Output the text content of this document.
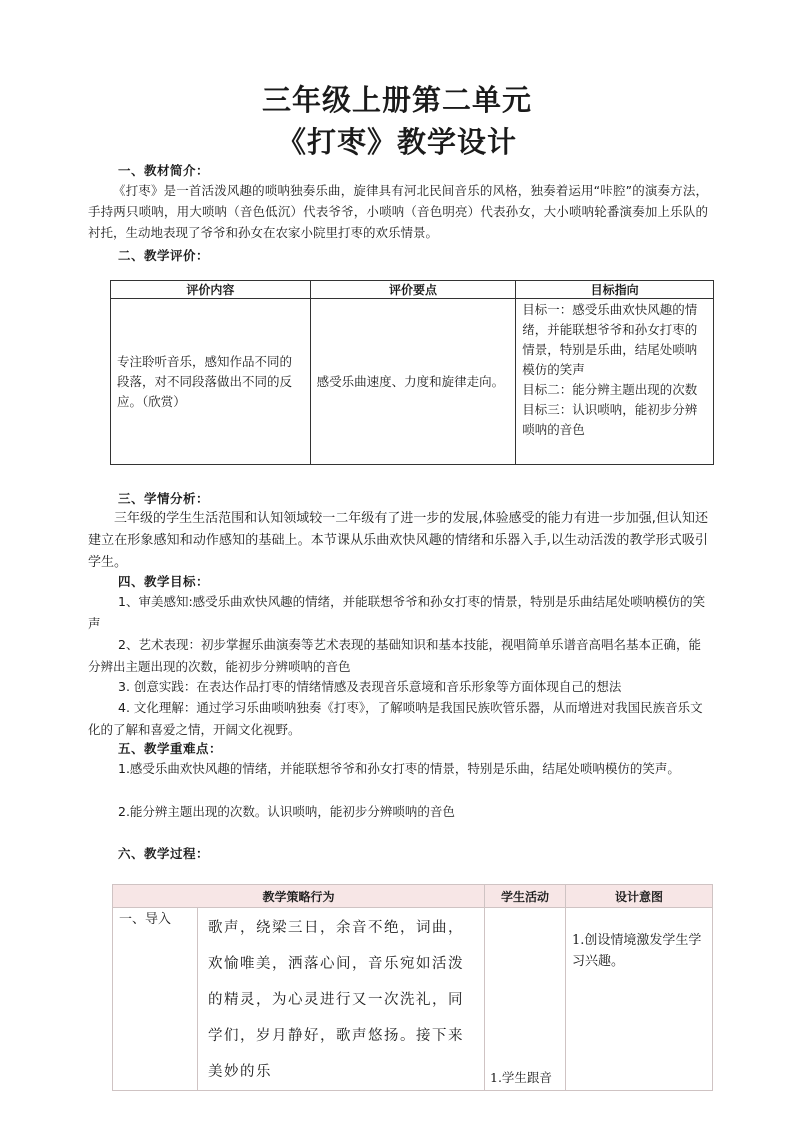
三年级上册第二单元
《打枣》教学设计
一、教材简介：
《打枣》是一首活泼风趣的唢呐独奏乐曲，旋律具有河北民间音乐的风格，独奏着运用“咔腔”的演奏方法，手持两只唢呐，用大唢呐（音色低沉）代表爷爷，小唢呐（音色明亮）代表孙女，大小唢呐轮番演奏加上乐队的衬托，生动地表现了爷爷和孙女在农家小院里打枣的欢乐情景。
二、教学评价：
评价内容	评价要点	目标指向
专注聆听音乐，感知作品不同的段落，对不同段落做出不同的反应。（欣赏）	感受乐曲速度、力度和旋律走向。	目标一：感受乐曲欢快风趣的情绪，并能联想爷爷和孙女打枣的情景，特别是乐曲，结尾处唢呐模仿的笑声
目标二：能分辨主题出现的次数
目标三：认识唢呐，能初步分辨唢呐的音色
三、学情分析：
三年级的学生生活范围和认知领域较一二年级有了进一步的发展,体验感受的能力有进一步加强,但认知还建立在形象感知和动作感知的基础上。本节课从乐曲欢快风趣的情绪和乐器入手,以生动活泼的教学形式吸引学生。
四、教学目标：
1、审美感知:感受乐曲欢快风趣的情绪，并能联想爷爷和孙女打枣的情景，特别是乐曲结尾处唢呐模仿的笑声
2、艺术表现：初步掌握乐曲演奏等艺术表现的基础知识和基本技能，视唱简单乐谱音高唱名基本正确，能分辨出主题出现的次数，能初步分辨唢呐的音色
3. 创意实践：在表达作品打枣的情绪情感及表现音乐意境和音乐形象等方面体现自己的想法
4. 文化理解：通过学习乐曲唢呐独奏《打枣》，了解唢呐是我国民族吹管乐器，从而增进对我国民族音乐文化的了解和喜爱之情，开阔文化视野。
五、教学重难点：
1.感受乐曲欢快风趣的情绪，并能联想爷爷和孙女打枣的情景，特别是乐曲，结尾处唢呐模仿的笑声。
2.能分辨主题出现的次数。认识唢呐，能初步分辨唢呐的音色
六、教学过程：
教学策略行为		学生活动	设计意图
一、导入	歌声，绕梁三日，余音不绝，词曲，欢愉唯美，洒落心间，音乐宛如活泼的精灵，为心灵进行又一次洗礼，同学们，岁月静好，歌声悠扬。接下来美妙的乐	1.学生跟音	1.创设情境激发学生学习兴趣。
